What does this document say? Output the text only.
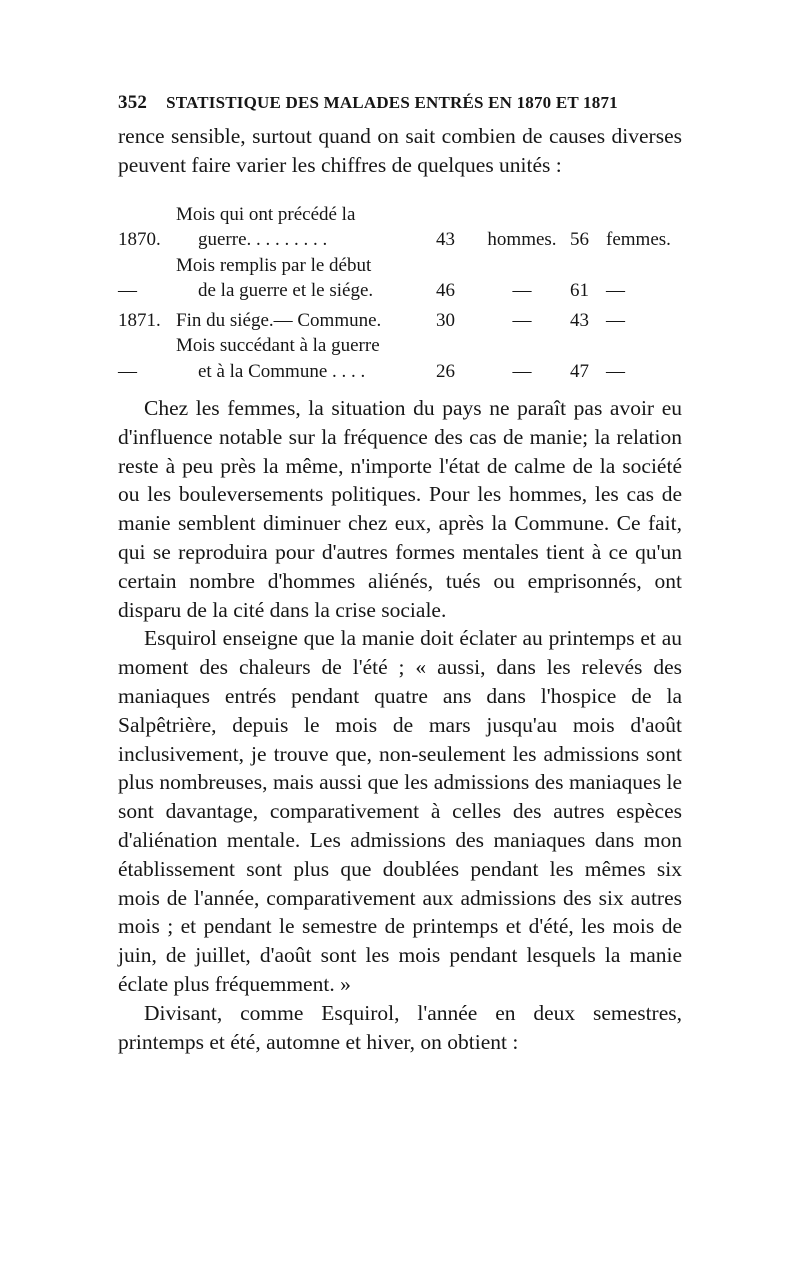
352 STATISTIQUE DES MALADES ENTRÉS EN 1870 ET 1871

rence sensible, surtout quand on sait combien de causes diverses peuvent faire varier les chiffres de quelques unités :

1870.	Mois qui ont précédé la
guerre. . . . . . . . .	43	hommes.	56	femmes.
—	Mois remplis par le début
de la guerre et le siége.	46	—	61	—
1871.	Fin du siége.— Commune.	30	—	43	—
—	Mois succédant à la guerre
et à la Commune . . . .	26	—	47	—

Chez les femmes, la situation du pays ne paraît pas avoir eu d'influence notable sur la fréquence des cas de manie; la relation reste à peu près la même, n'importe l'état de calme de la société ou les bouleversements politiques. Pour les hommes, les cas de manie semblent diminuer chez eux, après la Commune. Ce fait, qui se reproduira pour d'autres formes mentales tient à ce qu'un certain nombre d'hommes aliénés, tués ou emprisonnés, ont disparu de la cité dans la crise sociale.

Esquirol enseigne que la manie doit éclater au printemps et au moment des chaleurs de l'été ; « aussi, dans les relevés des maniaques entrés pendant quatre ans dans l'hospice de la Salpêtrière, depuis le mois de mars jusqu'au mois d'août inclusivement, je trouve que, non-seulement les admissions sont plus nombreuses, mais aussi que les admissions des maniaques le sont davantage, comparativement à celles des autres espèces d'aliénation mentale. Les admissions des maniaques dans mon établissement sont plus que doublées pendant les mêmes six mois de l'année, comparativement aux admissions des six autres mois ; et pendant le semestre de printemps et d'été, les mois de juin, de juillet, d'août sont les mois pendant lesquels la manie éclate plus fréquemment. »

Divisant, comme Esquirol, l'année en deux semestres, printemps et été, automne et hiver, on obtient :
